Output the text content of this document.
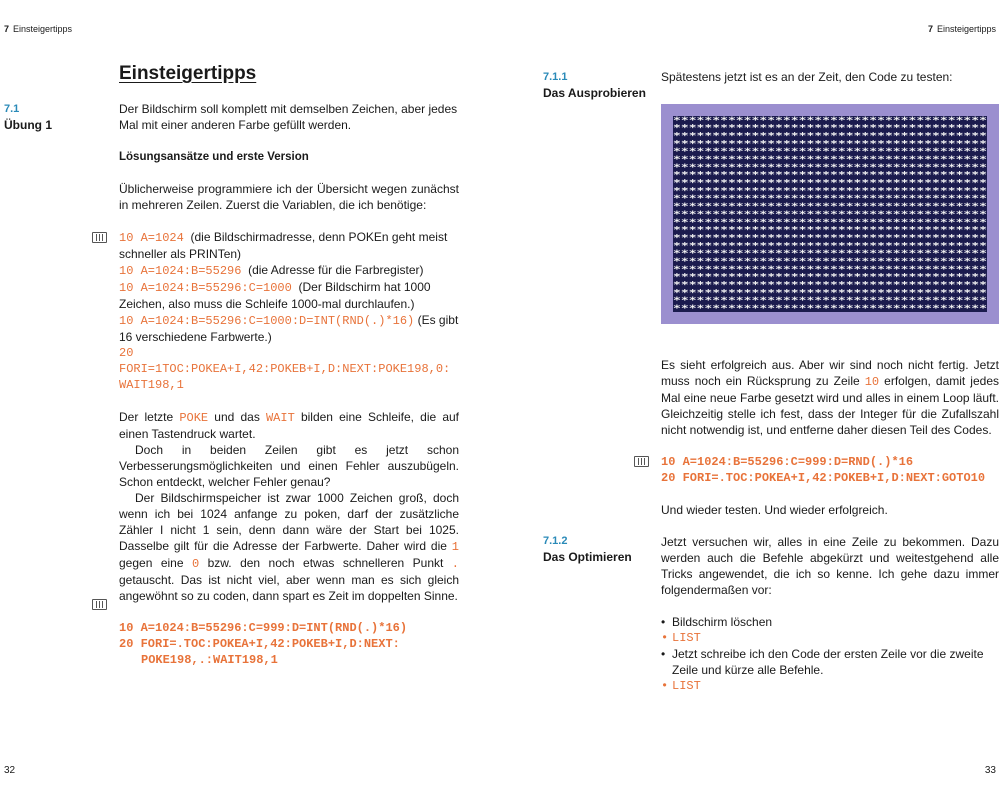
7 Einsteigertipps
Einsteigertipps
7.1
Übung 1

Der Bildschirm soll komplett mit demselben Zeichen, aber jedes Mal mit einer anderen Farbe gefüllt werden.

Lösungsansätze und erste Version

Üblicherweise programmiere ich der Übersicht wegen zunächst in mehreren Zeilen. Zuerst die Variablen, die ich benötige:

10 A=1024 (die Bildschirmadresse, denn POKEn geht meist schneller als PRINTen)

10 A=1024:B=55296 (die Adresse für die Farbregister)

10 A=1024:B=55296:C=1000 (Der Bildschirm hat 1000 Zeichen, also muss die Schleife 1000-mal durchlaufen.)

10 A=1024:B=55296:C=1000:D=INT(RND(.)*16) (Es gibt 16 verschiedene Farbwerte.)

20 FORI=1TOC:POKEA+I,42:POKEB+I,D:NEXT:POKE198,0: WAIT198,1

Der letzte POKE und das WAIT bilden eine Schleife, die auf einen Tastendruck wartet.

Doch in beiden Zeilen gibt es jetzt schon Verbesserungsmöglichkeiten und einen Fehler auszubügeln. Schon entdeckt, welcher Fehler genau?

Der Bildschirmspeicher ist zwar 1000 Zeichen groß, doch wenn ich bei 1024 anfange zu poken, darf der zusätzliche Zähler I nicht 1 sein, denn dann wäre der Start bei 1025. Dasselbe gilt für die Adresse der Farbwerte. Daher wird die 1 gegen eine 0 bzw. den noch etwas schnelleren Punkt . getauscht. Das ist nicht viel, aber wenn man es sich gleich angewöhnt so zu coden, dann spart es Zeit im doppelten Sinne.

10 A=1024:B=55296:C=999:D=INT(RND(.)*16)

20 FORI=.TOC:POKEA+I,42:POKEB+I,D:NEXT:

POKE198,.:WAIT198,1

32
7 Einsteigertipps
7.1.1
Das Ausprobieren
Spätestens jetzt ist es an der Zeit, den Code zu testen:
****************************************
****************************************
****************************************
****************************************
****************************************
****************************************
****************************************
****************************************
****************************************
****************************************
****************************************
****************************************
****************************************
****************************************
****************************************
****************************************
****************************************
****************************************
****************************************
****************************************
****************************************
****************************************
****************************************
****************************************
****************************************

Es sieht erfolgreich aus. Aber wir sind noch nicht fertig. Jetzt muss noch ein Rücksprung zu Zeile 10 erfolgen, damit jedes Mal eine neue Farbe gesetzt wird und alles in einem Loop läuft. Gleichzeitig stelle ich fest, dass der Integer für die Zufallszahl nicht notwendig ist, und entferne daher diesen Teil des Codes.

10 A=1024:B=55296:C=999:D=RND(.)*16

20 FORI=.TOC:POKEA+I,42:POKEB+I,D:NEXT:GOTO10

Und wieder testen. Und wieder erfolgreich.

Jetzt versuchen wir, alles in eine Zeile zu bekommen. Dazu werden auch die Befehle abgekürzt und weitestgehend alle Tricks angewendet, die ich so kenne. Ich gehe dazu immer folgendermaßen vor:

• Bildschirm löschen
• LIST
• Jetzt schreibe ich den Code der ersten Zeile vor die zweite Zeile und kürze alle Befehle.
• LIST
7.1.2
Das Optimieren
33
